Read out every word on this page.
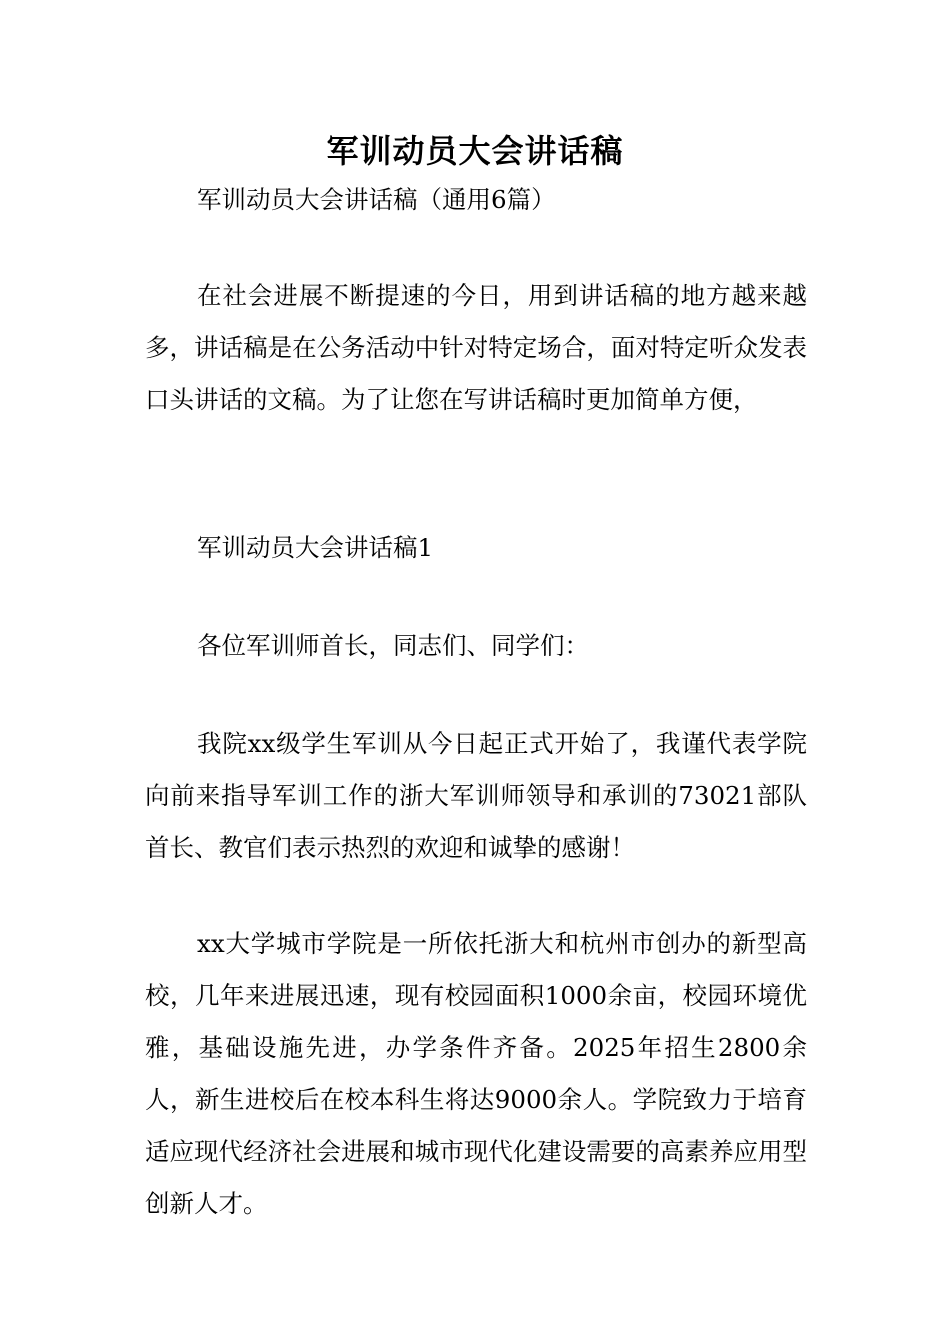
军训动员大会讲话稿
军训动员大会讲话稿（通用6篇）
在社会进展不断提速的今日，用到讲话稿的地方越来越多，讲话稿是在公务活动中针对特定场合，面对特定听众发表口头讲话的文稿。为了让您在写讲话稿时更加简单方便，
军训动员大会讲话稿1
各位军训师首长，同志们、同学们：
我院xx级学生军训从今日起正式开始了，我谨代表学院向前来指导军训工作的浙大军训师领导和承训的73021部队首长、教官们表示热烈的欢迎和诚挚的感谢！
xx大学城市学院是一所依托浙大和杭州市创办的新型高校，几年来进展迅速，现有校园面积1000余亩，校园环境优雅，基础设施先进，办学条件齐备。2025年招生2800余人，新生进校后在校本科生将达9000余人。学院致力于培育适应现代经济社会进展和城市现代化建设需要的高素养应用型创新人才。
